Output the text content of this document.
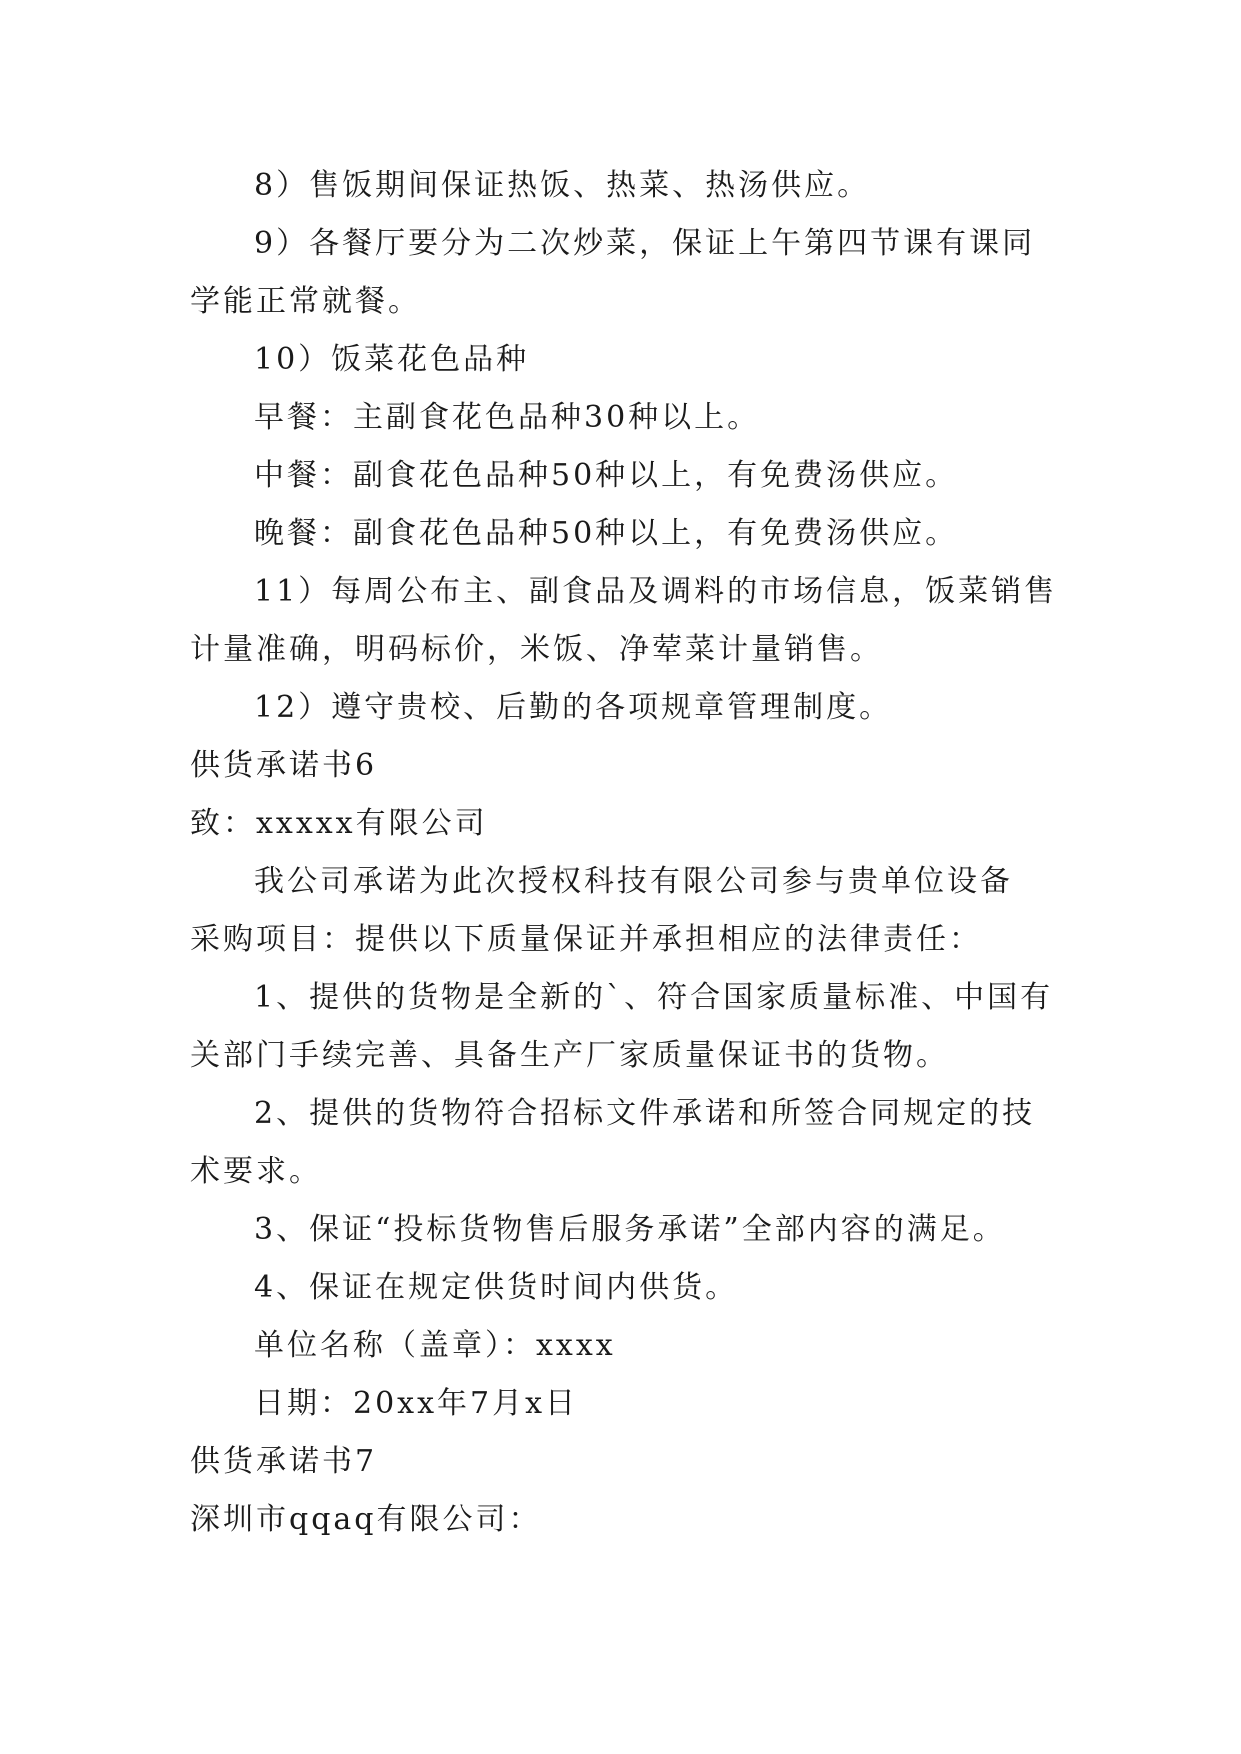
8）售饭期间保证热饭、热菜、热汤供应。
9）各餐厅要分为二次炒菜，保证上午第四节课有课同
学能正常就餐。
10）饭菜花色品种
早餐：主副食花色品种30种以上。
中餐：副食花色品种50种以上，有免费汤供应。
晚餐：副食花色品种50种以上，有免费汤供应。
11）每周公布主、副食品及调料的市场信息，饭菜销售
计量准确，明码标价，米饭、净荤菜计量销售。
12）遵守贵校、后勤的各项规章管理制度。
供货承诺书6
致：xxxxx有限公司
我公司承诺为此次授权科技有限公司参与贵单位设备
采购项目：提供以下质量保证并承担相应的法律责任：
1、提供的货物是全新的`、符合国家质量标准、中国有
关部门手续完善、具备生产厂家质量保证书的货物。
2、提供的货物符合招标文件承诺和所签合同规定的技
术要求。
3、保证“投标货物售后服务承诺”全部内容的满足。
4、保证在规定供货时间内供货。
单位名称（盖章）：xxxx
日期：20xx年7月x日
供货承诺书7
深圳市qqaq有限公司：
